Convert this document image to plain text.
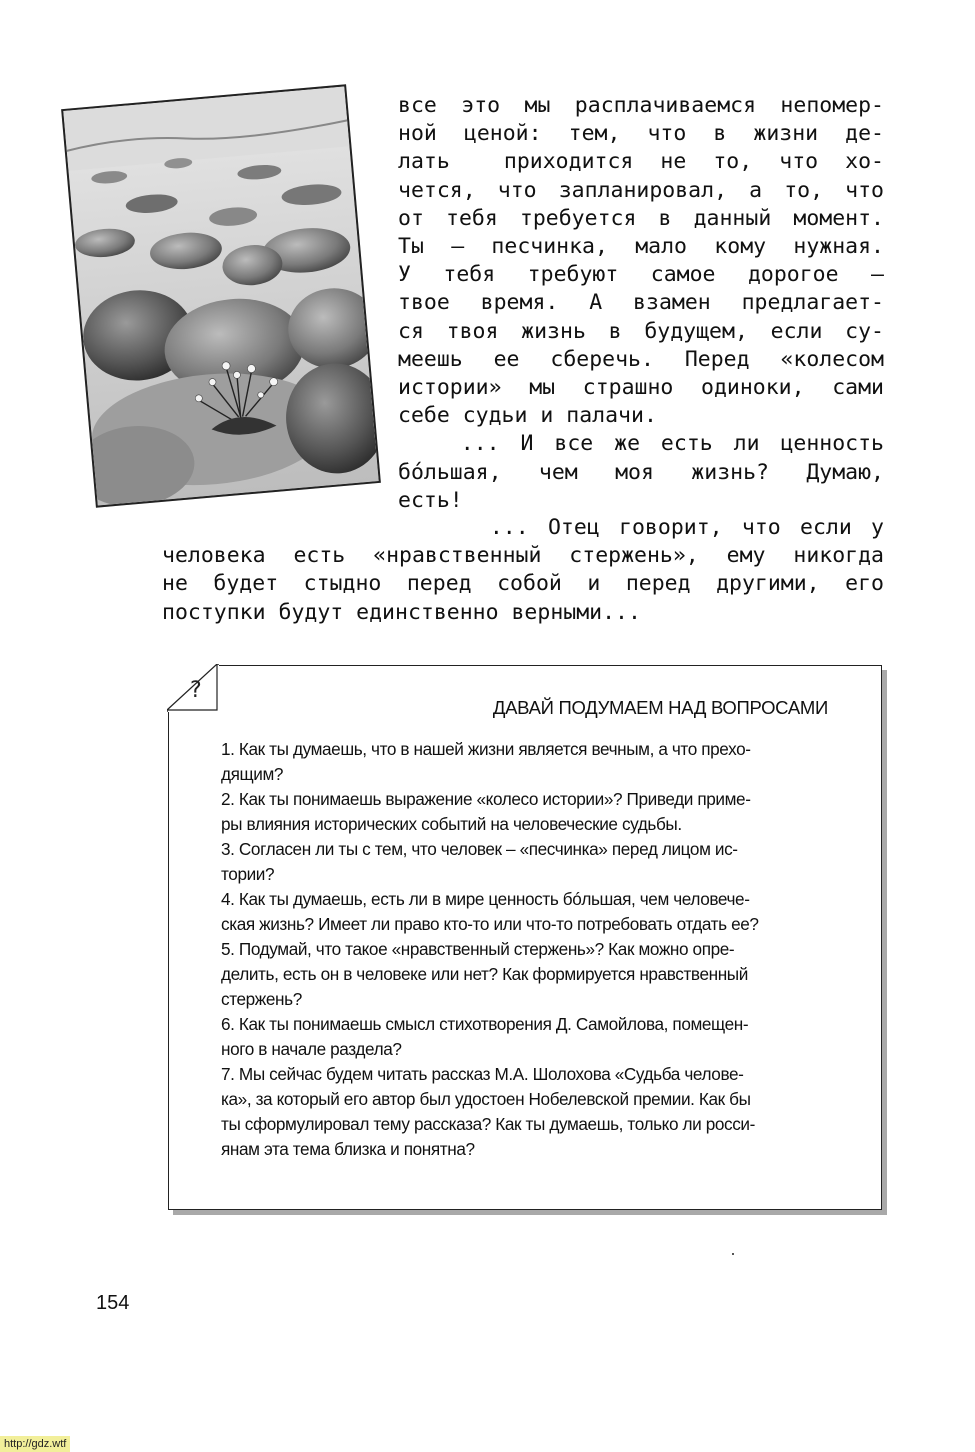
все это мы расплачиваемся непомер-
ной ценой: тем, что в жизни де-
лать  приходится не то, что хо-
чется, что запланировал, а то, что
от тебя требуется в данный момент.
Ты – песчинка, мало кому нужная.
У тебя требуют самое дорогое –
твое время. А взамен предлагает-
ся твоя жизнь в будущем, если су-
меешь ее сберечь. Перед «колесом
истории» мы страшно одиноки, сами
себе судьи и палачи.
... И все же есть ли ценность
бóльшая, чем моя жизнь? Думаю,
есть!
... Отец говорит, что если у
человека есть «нравственный стержень», ему никогда
не будет стыдно перед собой и перед другими, его
поступки будут единственно верными...
?
ДАВАЙ ПОДУМАЕМ НАД ВОПРОСАМИ
1. Как ты думаешь, что в нашей жизни является вечным, а что прехо-
дящим?
2. Как ты понимаешь выражение «колесо истории»? Приведи приме-
ры влияния исторических событий на человеческие судьбы.
3. Согласен ли ты с тем, что человек – «песчинка» перед лицом ис-
тории?
4. Как ты думаешь, есть ли в мире ценность бóльшая, чем человече-
ская жизнь? Имеет ли право кто-то или что-то потребовать отдать ее?
5. Подумай, что такое «нравственный стержень»? Как можно опре-
делить, есть он в человеке или нет? Как формируется нравственный
стержень?
6. Как ты понимаешь смысл стихотворения Д. Самойлова, помещен-
ного в начале раздела?
7. Мы сейчас будем читать рассказ М.А. Шолохова «Судьба челове-
ка», за который его автор был удостоен Нобелевской премии. Как бы
ты сформулировал тему рассказа? Как ты думаешь, только ли росси-
янам эта тема близка и понятна?
154
http://gdz.wtf
